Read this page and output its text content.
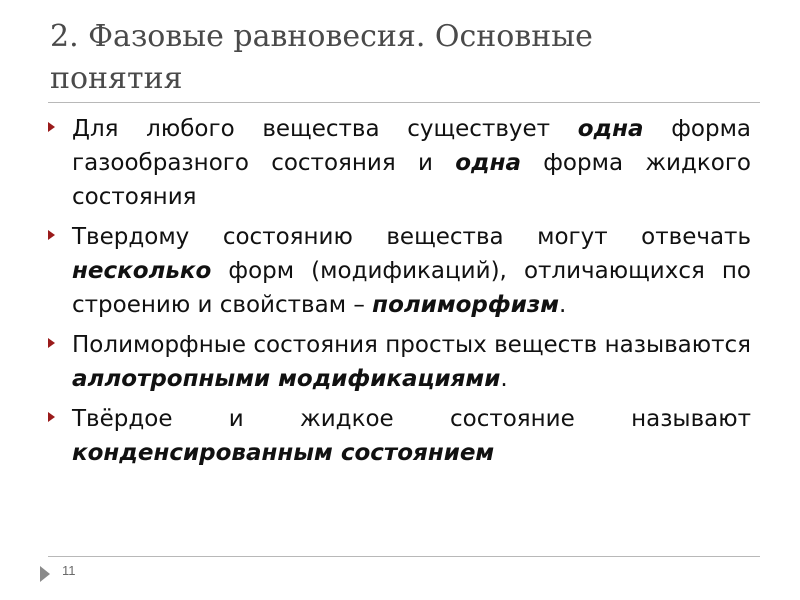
2. Фазовые равновесия. Основные
понятия
Для любого вещества существует одна форма газообразного состояния и одна форма жидкого состояния
Твердому состоянию вещества могут отвечать несколько форм (модификаций), отличающихся по строению и свойствам – полиморфизм.
Полиморфные состояния простых веществ называются аллотропными модификациями.
Твёрдое и жидкое состояние называют конденсированным состоянием
11
